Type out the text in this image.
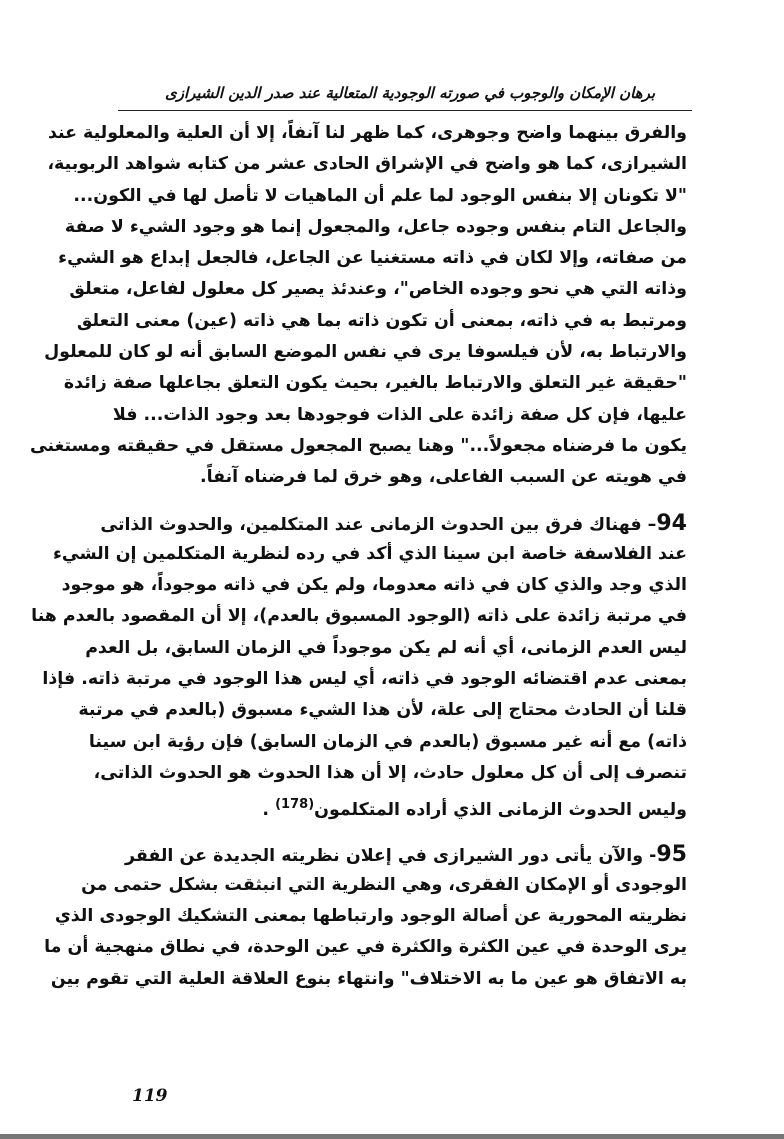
برهان الإمكان والوجوب في صورته الوجودية المتعالية عند صدر الدين الشيرازى
والفرق بينهما واضح وجوهرى، كما ظهر لنا آنفاً، إلا أن العلية والمعلولية عند
الشيرازى، كما هو واضح في الإشراق الحادى عشر من كتابه شواهد الربوبية،
"لا تكونان إلا بنفس الوجود لما علم أن الماهيات لا تأصل لها في الكون...
والجاعل التام بنفس وجوده جاعل، والمجعول إنما هو وجود الشيء لا صفة
من صفاته، وإلا لكان في ذاته مستغنيا عن الجاعل، فالجعل إبداع هو الشيء
وذاته التي هي نحو وجوده الخاص"، وعندئذ يصير كل معلول لفاعل، متعلق
ومرتبط به في ذاته، بمعنى أن تكون ذاته بما هي ذاته (عين) معنى التعلق
والارتباط به، لأن فيلسوفا يرى في نفس الموضع السابق أنه لو كان للمعلول
"حقيقة غير التعلق والارتباط بالغير، بحيث يكون التعلق بجاعلها صفة زائدة
عليها، فإن كل صفة زائدة على الذات فوجودها بعد وجود الذات... فلا
يكون ما فرضناه مجعولاً..." وهنا يصبح المجعول مستقل في حقيقته ومستغنى
في هويته عن السبب الفاعلى، وهو خرق لما فرضناه آنفاً.
94– فهناك فرق بين الحدوث الزمانى عند المتكلمين، والحدوث الذاتى
عند الفلاسفة خاصة ابن سينا الذي أكد في رده لنظرية المتكلمين إن الشيء
الذي وجد والذي كان في ذاته معدوما، ولم يكن في ذاته موجوداً، هو موجود
في مرتبة زائدة على ذاته (الوجود المسبوق بالعدم)، إلا أن المقصود بالعدم هنا
ليس العدم الزمانى، أي أنه لم يكن موجوداً في الزمان السابق، بل العدم
بمعنى عدم اقتضائه الوجود في ذاته، أي ليس هذا الوجود في مرتبة ذاته. فإذا
قلنا أن الحادث محتاج إلى علة، لأن هذا الشيء مسبوق (بالعدم في مرتبة
ذاته) مع أنه غير مسبوق (بالعدم في الزمان السابق) فإن رؤية ابن سينا
تنصرف إلى أن كل معلول حادث، إلا أن هذا الحدوث هو الحدوث الذاتى،
وليس الحدوث الزمانى الذي أراده المتكلمون$^{(178)}$ .
95- والآن يأتى دور الشيرازى في إعلان نظريته الجديدة عن الفقر
الوجودى أو الإمكان الفقرى، وهي النظرية التي انبثقت بشكل حتمى من
نظريته المحورية عن أصالة الوجود وارتباطها بمعنى التشكيك الوجودى الذي
يرى الوحدة في عين الكثرة والكثرة في عين الوحدة، في نطاق منهجية أن ما
به الاتفاق هو عين ما به الاختلاف" وانتهاء بنوع العلاقة العلية التي تقوم بين
119
